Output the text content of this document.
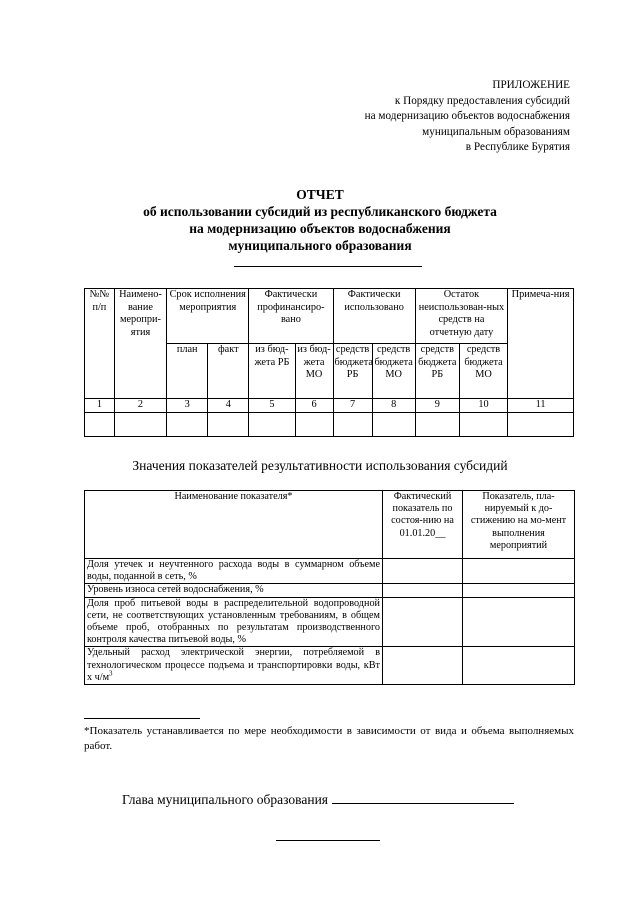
ПРИЛОЖЕНИЕ
к Порядку предоставления субсидий
на модернизацию объектов водоснабжения
муниципальным образованиям
в Республике Бурятия
ОТЧЕТ
об использовании субсидий из республиканского бюджета
на модернизацию объектов водоснабжения
муниципального образования
№№ п/п	Наимено-вание меропри-ятия	Срок исполнения мероприятия		Фактически профинансиро-вано		Фактически использовано		Остаток неиспользован-ных средств на отчетную дату		Примеча-ния
		план	факт	из бюд-жета РБ	из бюд-жета МО	средств бюджета РБ	средств бюджета МО	средств бюджета РБ	средств бюджета МО	
1	2	3	4	5	6	7	8	9	10	11

Значения показателей результативности использования субсидий
Наименование показателя*	Фактический показатель по состоя-нию на 01.01.20__	Показатель, пла-нируемый к до-стижению на мо-мент выполнения мероприятий
Доля утечек и неучтенного расхода воды в суммарном объеме воды, поданной в сеть, %		
Уровень износа сетей водоснабжения, %		
Доля проб питьевой воды в распределительной водопроводной сети, не соответствующих установленным требованиям, в общем объеме проб, отобранных по результатам производственного контроля качества питьевой воды, %		
Удельный расход электрической энергии, потребляемой в технологическом процессе подъема и транспортировки воды, кВт х $ч/м^3$		
*Показатель устанавливается по мере необходимости в зависимости от вида и объема выполняемых работ.
Глава муниципального образования
